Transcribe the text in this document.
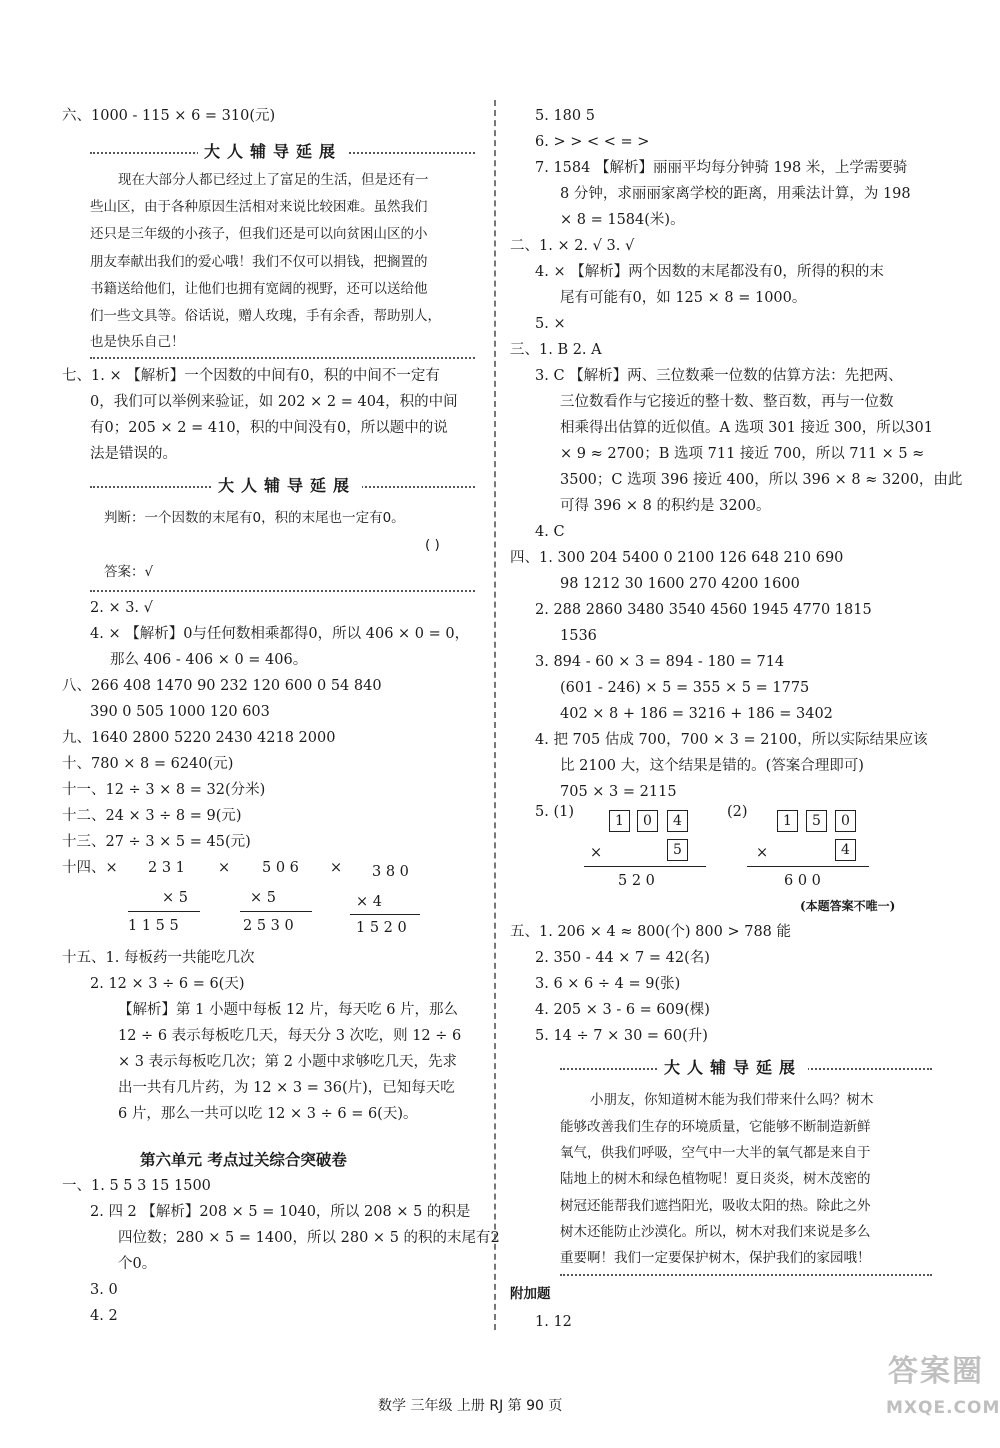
六、1000 - 115 × 6 = 310(元)
大人辅导延展
现在大部分人都已经过上了富足的生活，但是还有一
些山区，由于各种原因生活相对来说比较困难。虽然我们
还只是三年级的小孩子，但我们还是可以向贫困山区的小
朋友奉献出我们的爱心哦！我们不仅可以捐钱，把搁置的
书籍送给他们，让他们也拥有宽阔的视野，还可以送给他
们一些文具等。俗话说，赠人玫瑰，手有余香，帮助别人，
也是快乐自己！
七、1. × 【解析】一个因数的中间有0，积的中间不一定有
0，我们可以举例来验证，如 202 × 2 = 404，积的中间
有0；205 × 2 = 410，积的中间没有0，所以题中的说
法是错误的。
大人辅导延展
判断：一个因数的末尾有0，积的末尾也一定有0。
( )
答案：√
2. × 3. √
4. × 【解析】0与任何数相乘都得0，所以 406 × 0 = 0，
那么 406 - 406 × 0 = 406。
八、266 408 1470 90 232 120 600 0 54 840
390 0 505 1000 120 603
九、1640 2800 5220 2430 4218 2000
十、780 × 8 = 6240(元)
十一、12 ÷ 3 × 8 = 32(分米)
十二、24 × 3 ÷ 8 = 9(元)
十三、27 ÷ 3 × 5 = 45(元)
十四、× 2 3 1 ×
× 5
1 1 5 5
5 0 6 ×
× 5
2 5 3 0
3 8 0
× 4
1 5 2 0
十五、1. 每板药一共能吃几次
2. 12 × 3 ÷ 6 = 6(天)
【解析】第 1 小题中每板 12 片，每天吃 6 片，那么
12 ÷ 6 表示每板吃几天，每天分 3 次吃，则 12 ÷ 6
× 3 表示每板吃几次；第 2 小题中求够吃几天，先求
出一共有几片药，为 12 × 3 = 36(片)，已知每天吃
6 片，那么一共可以吃 12 × 3 ÷ 6 = 6(天)。
第六单元 考点过关综合突破卷
一、1. 5 5 3 15 1500
2. 四 2 【解析】208 × 5 = 1040，所以 208 × 5 的积是
四位数；280 × 5 = 1400，所以 280 × 5 的积的末尾有2
个0。
3. 0
4. 2
5. 180 5
6. > > < < = >
7. 1584 【解析】丽丽平均每分钟骑 198 米，上学需要骑
8 分钟，求丽丽家离学校的距离，用乘法计算，为 198
× 8 = 1584(米)。
二、1. × 2. √ 3. √
4. × 【解析】两个因数的末尾都没有0，所得的积的末
尾有可能有0，如 125 × 8 = 1000。
5. ×
三、1. B 2. A
3. C 【解析】两、三位数乘一位数的估算方法：先把两、
三位数看作与它接近的整十数、整百数，再与一位数
相乘得出估算的近似值。A 选项 301 接近 300，所以301
× 9 ≈ 2700；B 选项 711 接近 700，所以 711 × 5 ≈
3500；C 选项 396 接近 400，所以 396 × 8 ≈ 3200，由此
可得 396 × 8 的积约是 3200。
4. C
四、1. 300 204 5400 0 2100 126 648 210 690
98 1212 30 1600 270 4200 1600
2. 288 2860 3480 3540 4560 1945 4770 1815
1536
3. 894 - 60 × 3 = 894 - 180 = 714
(601 - 246) × 5 = 355 × 5 = 1775
402 × 8 + 186 = 3216 + 186 = 3402
4. 把 705 估成 700，700 × 3 = 2100，所以实际结果应该
比 2100 大，这个结果是错的。(答案合理即可)
705 × 3 = 2115
5. (1)
1	0	4
×	5
5 2 0
(2)
1	5	0
×	4
6 0 0
(本题答案不唯一)
五、1. 206 × 4 ≈ 800(个) 800 > 788 能
2. 350 - 44 × 7 = 42(名)
3. 6 × 6 ÷ 4 = 9(张)
4. 205 × 3 - 6 = 609(棵)
5. 14 ÷ 7 × 30 = 60(升)
大人辅导延展
小朋友，你知道树木能为我们带来什么吗？树木
能够改善我们生存的环境质量，它能够不断制造新鲜
氧气，供我们呼吸，空气中一大半的氧气都是来自于
陆地上的树木和绿色植物呢！夏日炎炎，树木茂密的
树冠还能帮我们遮挡阳光，吸收太阳的热。除此之外
树木还能防止沙漠化。所以，树木对我们来说是多么
重要啊！我们一定要保护树木，保护我们的家园哦！
附加题
1. 12
数学 三年级 上册 RJ 第 90 页
答案圈
MXQE.COM
